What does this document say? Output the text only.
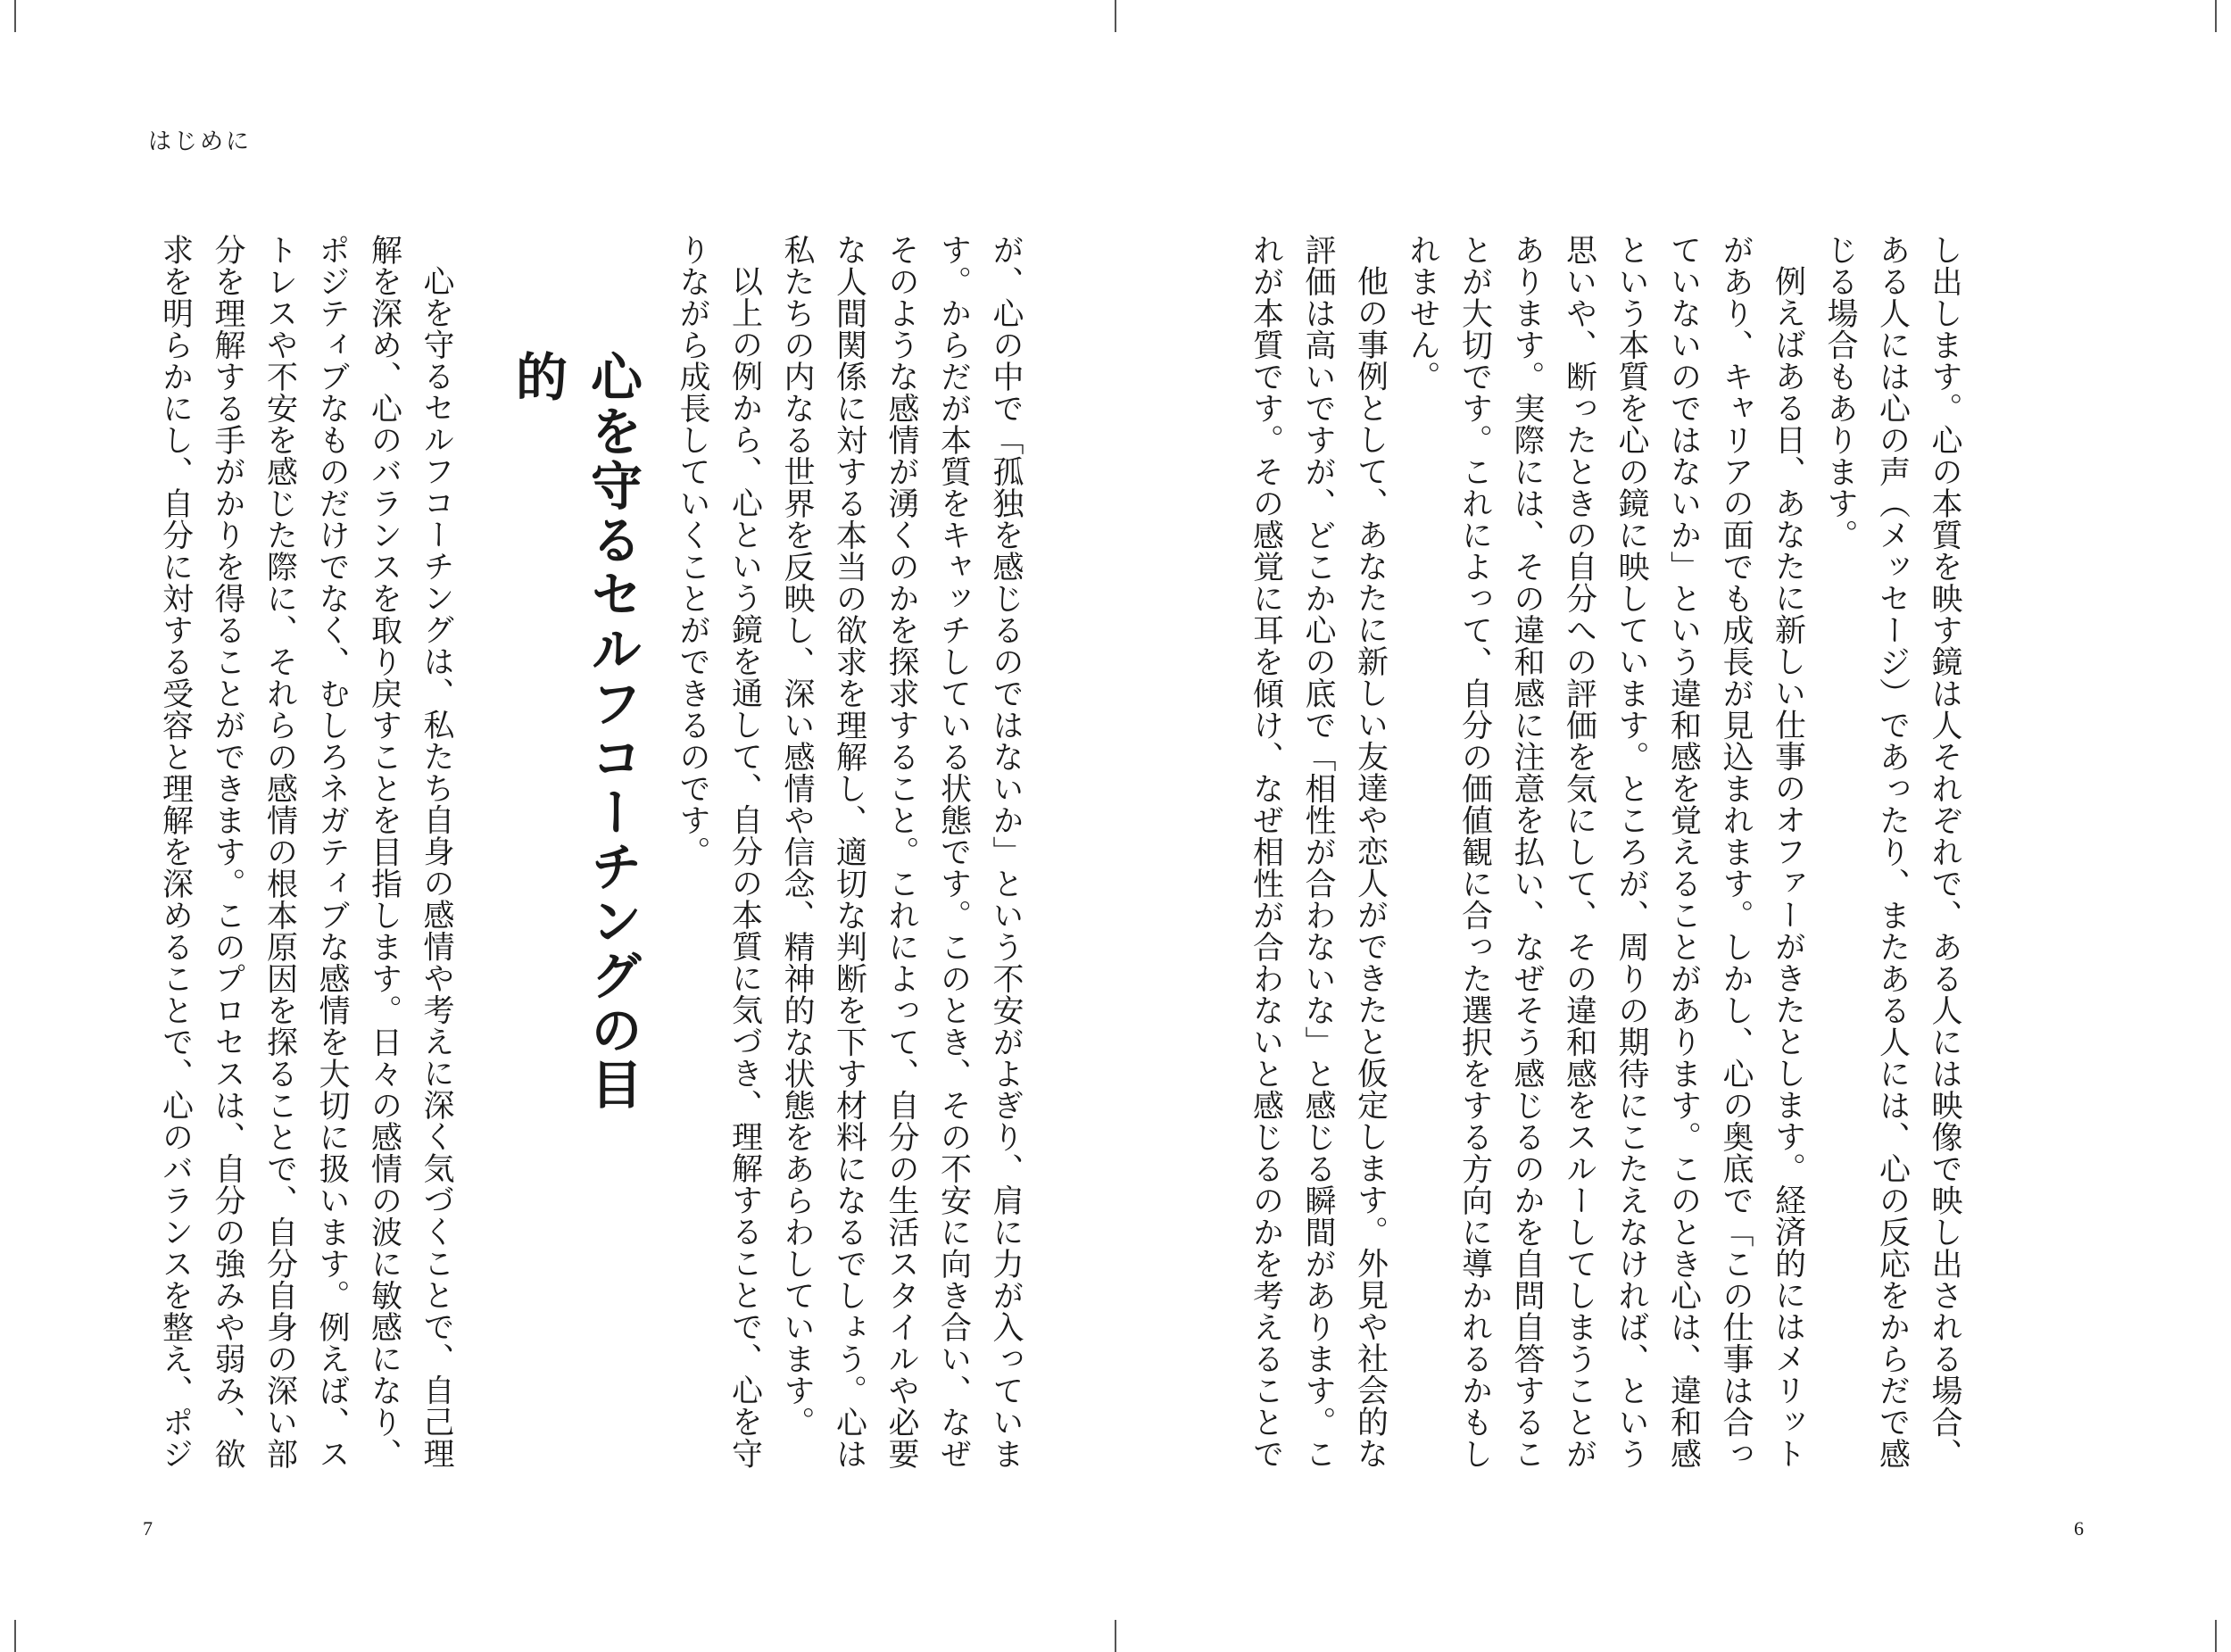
はじめに

し出します。心の本質を映す鏡は人それぞれで、ある人には映像で映し出される場合、ある人には心の声（メッセージ）であったり、またある人には、心の反応をからだで感じる場合もあります。

例えばある日、あなたに新しい仕事のオファーがきたとします。経済的にはメリットがあり、キャリアの面でも成長が見込まれます。しかし、心の奥底で「この仕事は合っていないのではないか」という違和感を覚えることがあります。このとき心は、違和感という本質を心の鏡に映しています。ところが、周りの期待にこたえなければ、という思いや、断ったときの自分への評価を気にして、その違和感をスルーしてしまうことがあります。実際には、その違和感に注意を払い、なぜそう感じるのかを自問自答することが大切です。これによって、自分の価値観に合った選択をする方向に導かれるかもしれません。

他の事例として、あなたに新しい友達や恋人ができたと仮定します。外見や社会的な評価は高いですが、どこか心の底で「相性が合わないな」と感じる瞬間があります。これが本質です。その感覚に耳を傾け、なぜ相性が合わないと感じるのかを考えることで

が、心の中で「孤独を感じるのではないか」という不安がよぎり、肩に力が入っています。からだが本質をキャッチしている状態です。このとき、その不安に向き合い、なぜそのような感情が湧くのかを探求すること。これによって、自分の生活スタイルや必要な人間関係に対する本当の欲求を理解し、適切な判断を下す材料になるでしょう。心は私たちの内なる世界を反映し、深い感情や信念、精神的な状態をあらわしています。

以上の例から、心という鏡を通して、自分の本質に気づき、理解することで、心を守りながら成長していくことができるのです。

心を守るセルフコーチングの目的

心を守るセルフコーチングは、私たち自身の感情や考えに深く気づくことで、自己理解を深め、心のバランスを取り戻すことを目指します。日々の感情の波に敏感になり、ポジティブなものだけでなく、むしろネガティブな感情を大切に扱います。例えば、ストレスや不安を感じた際に、それらの感情の根本原因を探ることで、自分自身の深い部分を理解する手がかりを得ることができます。このプロセスは、自分の強みや弱み、欲求を明らかにし、自分に対する受容と理解を深めることで、心のバランスを整え、ポジ

7	6
